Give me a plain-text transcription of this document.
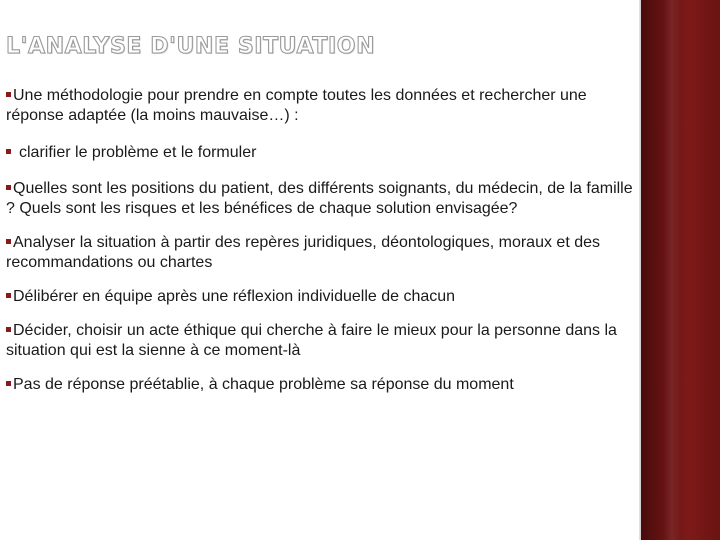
L'ANALYSE D'UNE SITUATION
Une méthodologie pour prendre en compte toutes les données et rechercher une réponse adaptée (la moins mauvaise…) :
clarifier le problème et le formuler
Quelles sont les positions du patient, des différents soignants, du médecin, de la famille ? Quels sont les risques et les bénéfices de chaque solution envisagée?
Analyser la situation à partir des repères juridiques, déontologiques, moraux et des recommandations ou chartes
Délibérer en équipe après une réflexion individuelle de chacun
Décider, choisir un acte éthique qui cherche à faire le mieux pour la personne dans la situation qui est la sienne à ce moment-là
Pas de réponse préétablie, à chaque problème sa réponse du moment
